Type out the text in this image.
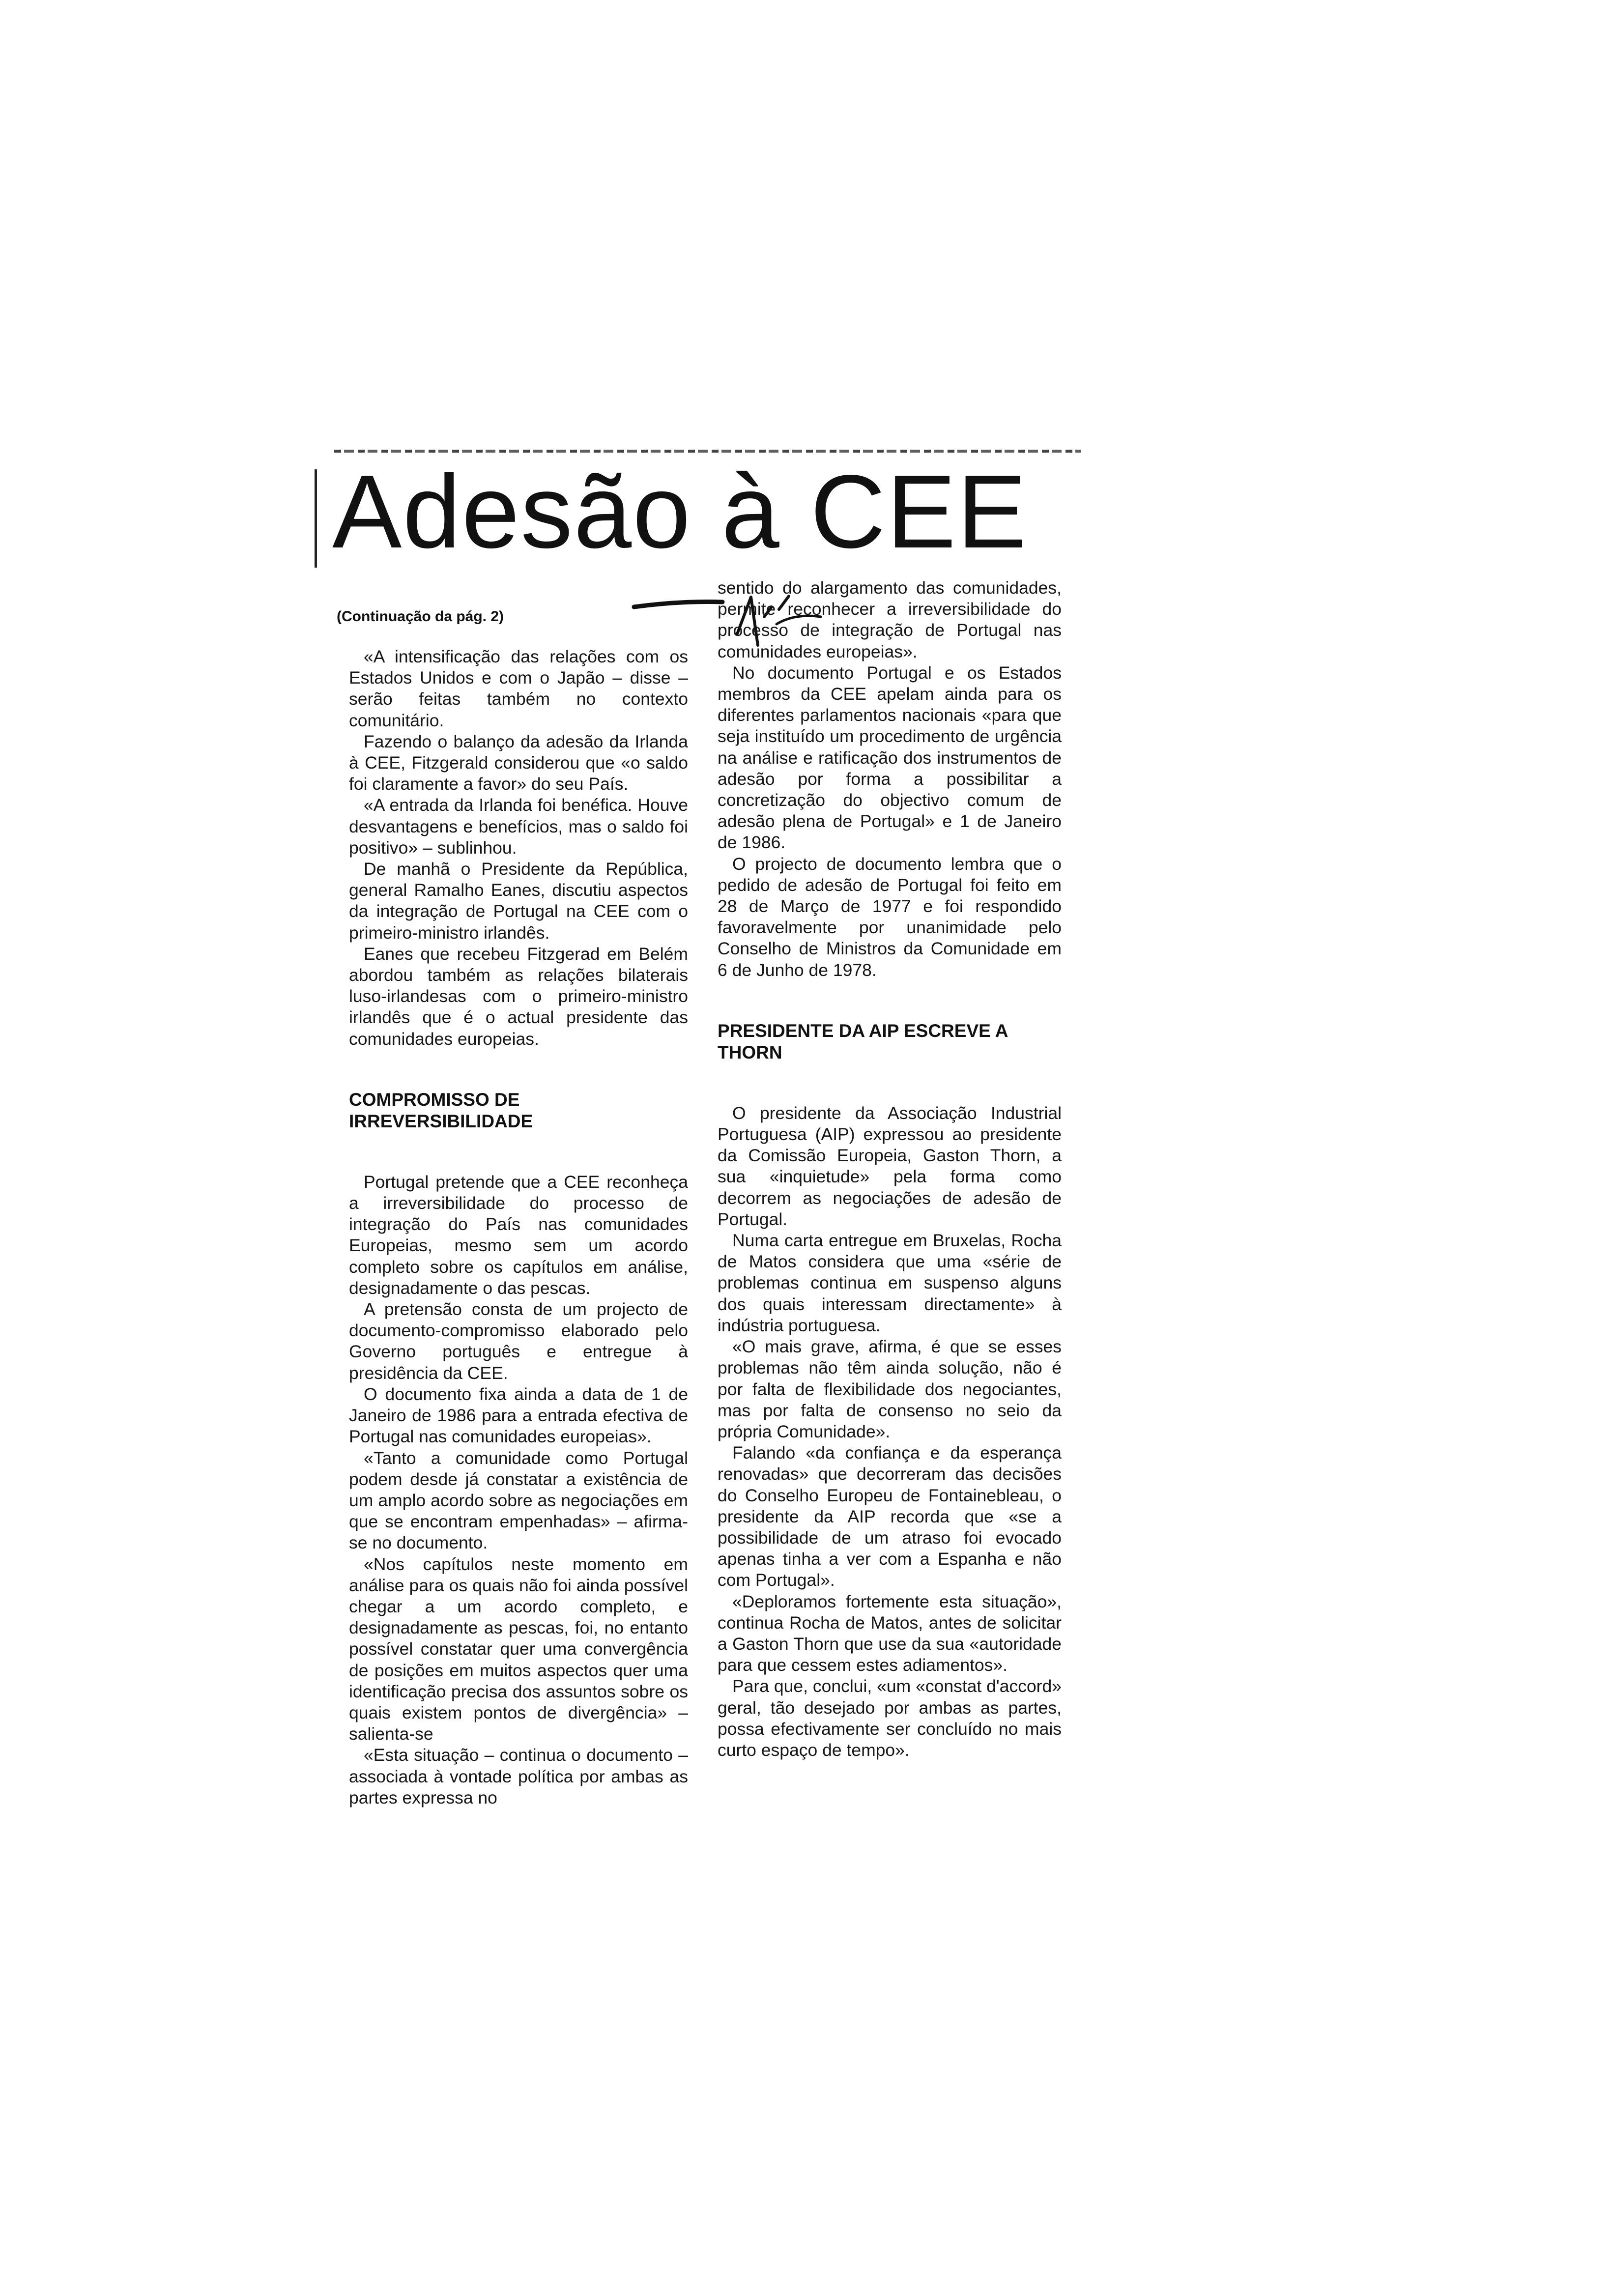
Adesão à CEE
(Continuação da pág. 2)

«A intensificação das relações com os Estados Unidos e com o Japão – disse – serão feitas também no contexto comunitário.

Fazendo o balanço da adesão da Irlanda à CEE, Fitzgerald considerou que «o saldo foi claramente a favor» do seu País.

«A entrada da Irlanda foi benéfica. Houve desvantagens e benefícios, mas o saldo foi positivo» – sublinhou.

De manhã o Presidente da República, general Ramalho Eanes, discutiu aspectos da integração de Portugal na CEE com o primeiro-ministro irlandês.

Eanes que recebeu Fitzgerad em Belém abordou também as relações bilaterais luso-irlandesas com o primeiro-ministro irlandês que é o actual presidente das comunidades europeias.

COMPROMISSO DE IRREVERSIBILIDADE

Portugal pretende que a CEE reconheça a irreversibilidade do processo de integração do País nas comunidades Europeias, mesmo sem um acordo completo sobre os capítulos em análise, designadamente o das pescas.

A pretensão consta de um projecto de documento-compromisso elaborado pelo Governo português e entregue à presidência da CEE.

O documento fixa ainda a data de 1 de Janeiro de 1986 para a entrada efectiva de Portugal nas comunidades europeias».

«Tanto a comunidade como Portugal podem desde já constatar a existência de um amplo acordo sobre as negociações em que se encontram empenhadas» – afirma-se no documento.

«Nos capítulos neste momento em análise para os quais não foi ainda possível chegar a um acordo completo, e designadamente as pescas, foi, no entanto possível constatar quer uma convergência de posições em muitos aspectos quer uma identificação precisa dos assuntos sobre os quais existem pontos de divergência» – salienta-se

«Esta situação – continua o documento – associada à vontade política por ambas as partes expressa no

sentido do alargamento das comunidades, permite reconhecer a irreversibilidade do processo de integração de Portugal nas comunidades europeias».

No documento Portugal e os Estados membros da CEE apelam ainda para os diferentes parlamentos nacionais «para que seja instituído um procedimento de urgência na análise e ratificação dos instrumentos de adesão por forma a possibilitar a concretização do objectivo comum de adesão plena de Portugal» e 1 de Janeiro de 1986.

O projecto de documento lembra que o pedido de adesão de Portugal foi feito em 28 de Março de 1977 e foi respondido favoravelmente por unanimidade pelo Conselho de Ministros da Comunidade em 6 de Junho de 1978.

PRESIDENTE DA AIP ESCREVE A THORN

O presidente da Associação Industrial Portuguesa (AIP) expressou ao presidente da Comissão Europeia, Gaston Thorn, a sua «inquietude» pela forma como decorrem as negociações de adesão de Portugal.

Numa carta entregue em Bruxelas, Rocha de Matos considera que uma «série de problemas continua em suspenso alguns dos quais interessam directamente» à indústria portuguesa.

«O mais grave, afirma, é que se esses problemas não têm ainda solução, não é por falta de flexibilidade dos negociantes, mas por falta de consenso no seio da própria Comunidade».

Falando «da confiança e da esperança renovadas» que decorreram das decisões do Conselho Europeu de Fontainebleau, o presidente da AIP recorda que «se a possibilidade de um atraso foi evocado apenas tinha a ver com a Espanha e não com Portugal».

«Deploramos fortemente esta situação», continua Rocha de Matos, antes de solicitar a Gaston Thorn que use da sua «autoridade para que cessem estes adiamentos».

Para que, conclui, «um «constat d'accord» geral, tão desejado por ambas as partes, possa efectivamente ser concluído no mais curto espaço de tempo».
